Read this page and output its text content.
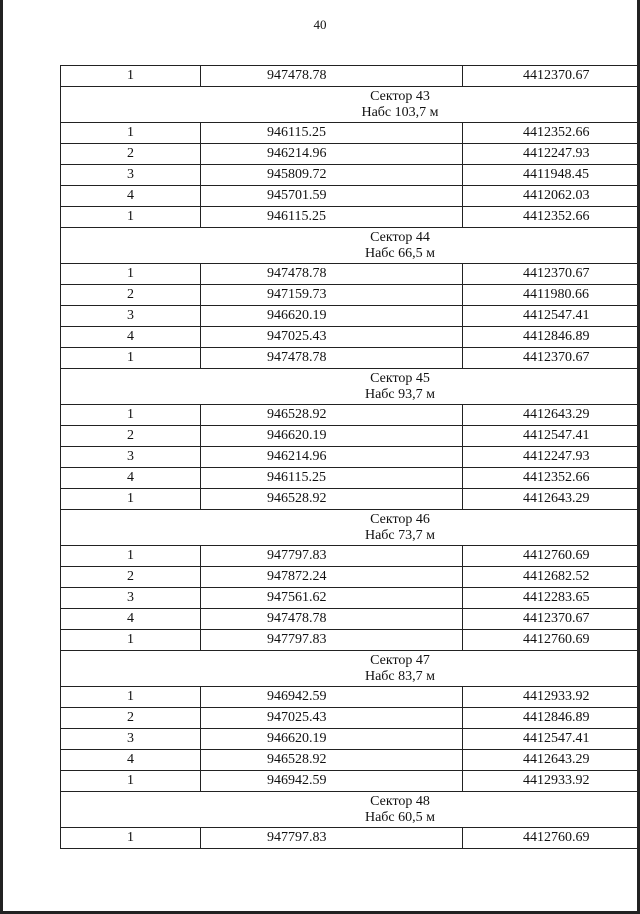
40
1	947478.78	4412370.67

Сектор 43
Набс 103,7 м		

1	946115.25	4412352.66
2	946214.96	4412247.93
3	945809.72	4411948.45
4	945701.59	4412062.03
1	946115.25	4412352.66

Сектор 44
Набс 66,5 м		

1	947478.78	4412370.67
2	947159.73	4411980.66
3	946620.19	4412547.41
4	947025.43	4412846.89
1	947478.78	4412370.67

Сектор 45
Набс 93,7 м		

1	946528.92	4412643.29
2	946620.19	4412547.41
3	946214.96	4412247.93
4	946115.25	4412352.66
1	946528.92	4412643.29

Сектор 46
Набс 73,7 м		

1	947797.83	4412760.69
2	947872.24	4412682.52
3	947561.62	4412283.65
4	947478.78	4412370.67
1	947797.83	4412760.69

Сектор 47
Набс 83,7 м		

1	946942.59	4412933.92
2	947025.43	4412846.89
3	946620.19	4412547.41
4	946528.92	4412643.29
1	946942.59	4412933.92

Сектор 48
Набс 60,5 м		

1	947797.83	4412760.69
